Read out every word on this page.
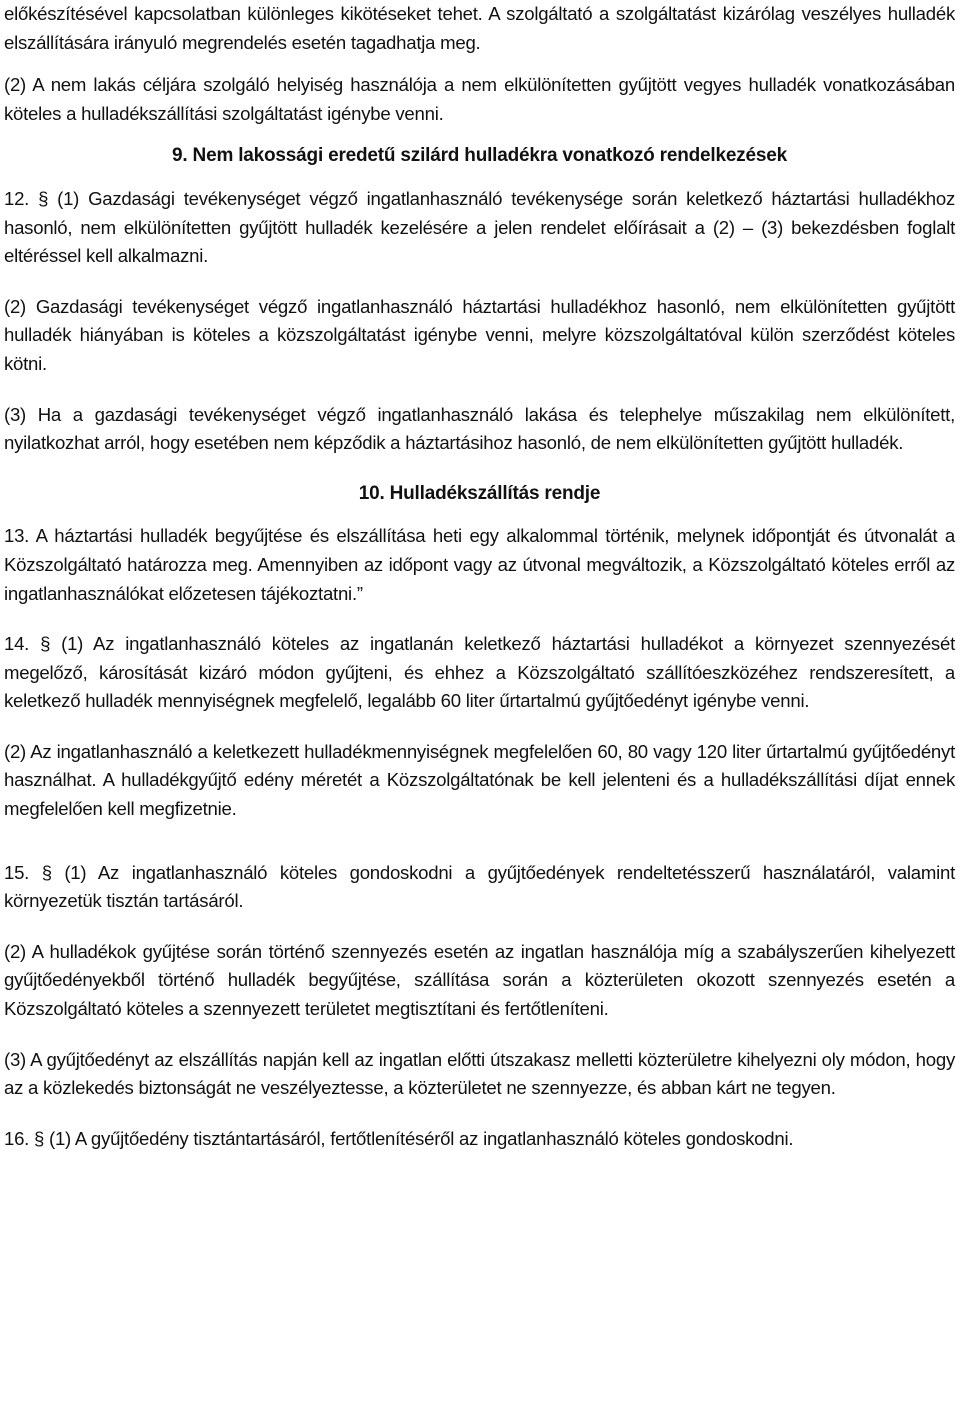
előkészítésével kapcsolatban különleges kikötéseket tehet. A szolgáltató a szolgáltatást kizárólag veszélyes hulladék elszállítására irányuló megrendelés esetén tagadhatja meg.

(2) A nem lakás céljára szolgáló helyiség használója a nem elkülönítetten gyűjtött vegyes hulladék vonatkozásában köteles a hulladékszállítási szolgáltatást igénybe venni.

9. Nem lakossági eredetű szilárd hulladékra vonatkozó rendelkezések

12. § (1) Gazdasági tevékenységet végző ingatlanhasználó tevékenysége során keletkező háztartási hulladékhoz hasonló, nem elkülönítetten gyűjtött hulladék kezelésére a jelen rendelet előírásait a (2) – (3) bekezdésben foglalt eltéréssel kell alkalmazni.

(2) Gazdasági tevékenységet végző ingatlanhasználó háztartási hulladékhoz hasonló, nem elkülönítetten gyűjtött hulladék hiányában is köteles a közszolgáltatást igénybe venni, melyre közszolgáltatóval külön szerződést köteles kötni.

(3) Ha a gazdasági tevékenységet végző ingatlanhasználó lakása és telephelye műszakilag nem elkülönített, nyilatkozhat arról, hogy esetében nem képződik a háztartásihoz hasonló, de nem elkülönítetten gyűjtött hulladék.

10. Hulladékszállítás rendje

13. A háztartási hulladék begyűjtése és elszállítása heti egy alkalommal történik, melynek időpontját és útvonalát a Közszolgáltató határozza meg. Amennyiben az időpont vagy az útvonal megváltozik, a Közszolgáltató köteles erről az ingatlanhasználókat előzetesen tájékoztatni.”

14. § (1) Az ingatlanhasználó köteles az ingatlanán keletkező háztartási hulladékot a környezet szennyezését megelőző, károsítását kizáró módon gyűjteni, és ehhez a Közszolgáltató szállítóeszközéhez rendszeresített, a keletkező hulladék mennyiségnek megfelelő, legalább 60 liter űrtartalmú gyűjtőedényt igénybe venni.

(2) Az ingatlanhasználó a keletkezett hulladékmennyiségnek megfelelően 60, 80 vagy 120 liter űrtartalmú gyűjtőedényt használhat. A hulladékgyűjtő edény méretét a Közszolgáltatónak be kell jelenteni és a hulladékszállítási díjat ennek megfelelően kell megfizetnie.

15. § (1) Az ingatlanhasználó köteles gondoskodni a gyűjtőedények rendeltetésszerű használatáról, valamint környezetük tisztán tartásáról.

(2) A hulladékok gyűjtése során történő szennyezés esetén az ingatlan használója míg a szabályszerűen kihelyezett gyűjtőedényekből történő hulladék begyűjtése, szállítása során a közterületen okozott szennyezés esetén a Közszolgáltató köteles a szennyezett területet megtisztítani és fertőtleníteni.

(3) A gyűjtőedényt az elszállítás napján kell az ingatlan előtti útszakasz melletti közterületre kihelyezni oly módon, hogy az a közlekedés biztonságát ne veszélyeztesse, a közterületet ne szennyezze, és abban kárt ne tegyen.

16. § (1) A gyűjtőedény tisztántartásáról, fertőtlenítéséről az ingatlanhasználó köteles gondoskodni.
